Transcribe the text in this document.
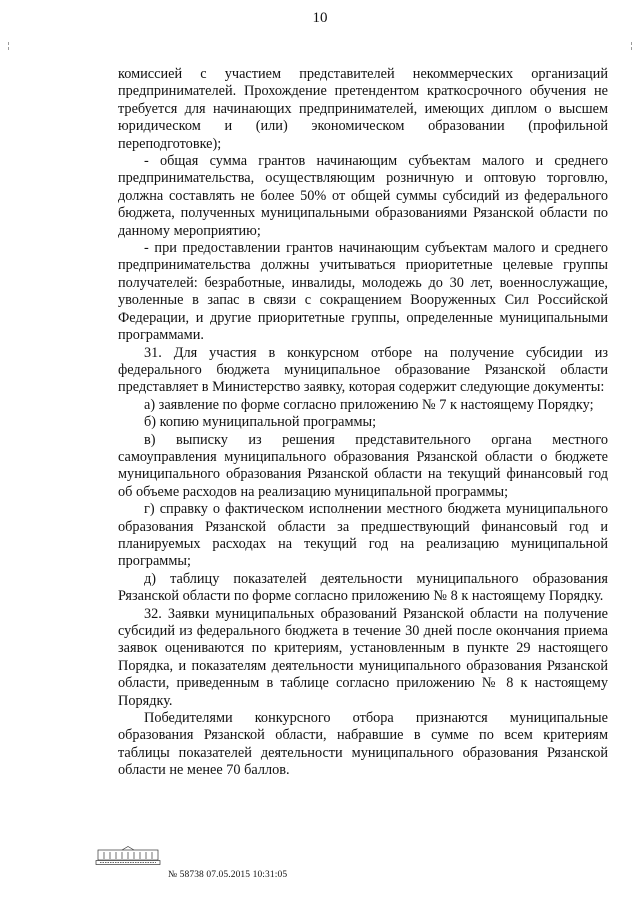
10

комиссией с участием представителей некоммерческих организаций предпринимателей. Прохождение претендентом краткосрочного обучения не требуется для начинающих предпринимателей, имеющих диплом о высшем юридическом и (или) экономическом образовании (профильной переподготовке);

- общая сумма грантов начинающим субъектам малого и среднего предпринимательства, осуществляющим розничную и оптовую торговлю, должна составлять не более 50% от общей суммы субсидий из федерального бюджета, полученных муниципальными образованиями Рязанской области по данному мероприятию;

- при предоставлении грантов начинающим субъектам малого и среднего предпринимательства должны учитываться приоритетные целевые группы получателей: безработные, инвалиды, молодежь до 30 лет, военнослужащие, уволенные в запас в связи с сокращением Вооруженных Сил Российской Федерации, и другие приоритетные группы, определенные муниципальными программами.

31. Для участия в конкурсном отборе на получение субсидии из федерального бюджета муниципальное образование Рязанской области представляет в Министерство заявку, которая содержит следующие документы:

а) заявление по форме согласно приложению № 7 к настоящему Порядку;

б) копию муниципальной программы;

в) выписку из решения представительного органа местного самоуправления муниципального образования Рязанской области о бюджете муниципального образования Рязанской области на текущий финансовый год об объеме расходов на реализацию муниципальной программы;

г) справку о фактическом исполнении местного бюджета муниципального образования Рязанской области за предшествующий финансовый год и планируемых расходах на текущий год на реализацию муниципальной программы;

д) таблицу показателей деятельности муниципального образования Рязанской области по форме согласно приложению № 8 к настоящему Порядку.

32. Заявки муниципальных образований Рязанской области на получение субсидий из федерального бюджета в течение 30 дней после окончания приема заявок оцениваются по критериям, установленным в пункте 29 настоящего Порядка, и показателям деятельности муниципального образования Рязанской области, приведенным в таблице согласно приложению № 8 к настоящему Порядку.

Победителями конкурсного отбора признаются муниципальные образования Рязанской области, набравшие в сумме по всем критериям таблицы показателей деятельности муниципального образования Рязанской области не менее 70 баллов.

№ 58738 07.05.2015 10:31:05
